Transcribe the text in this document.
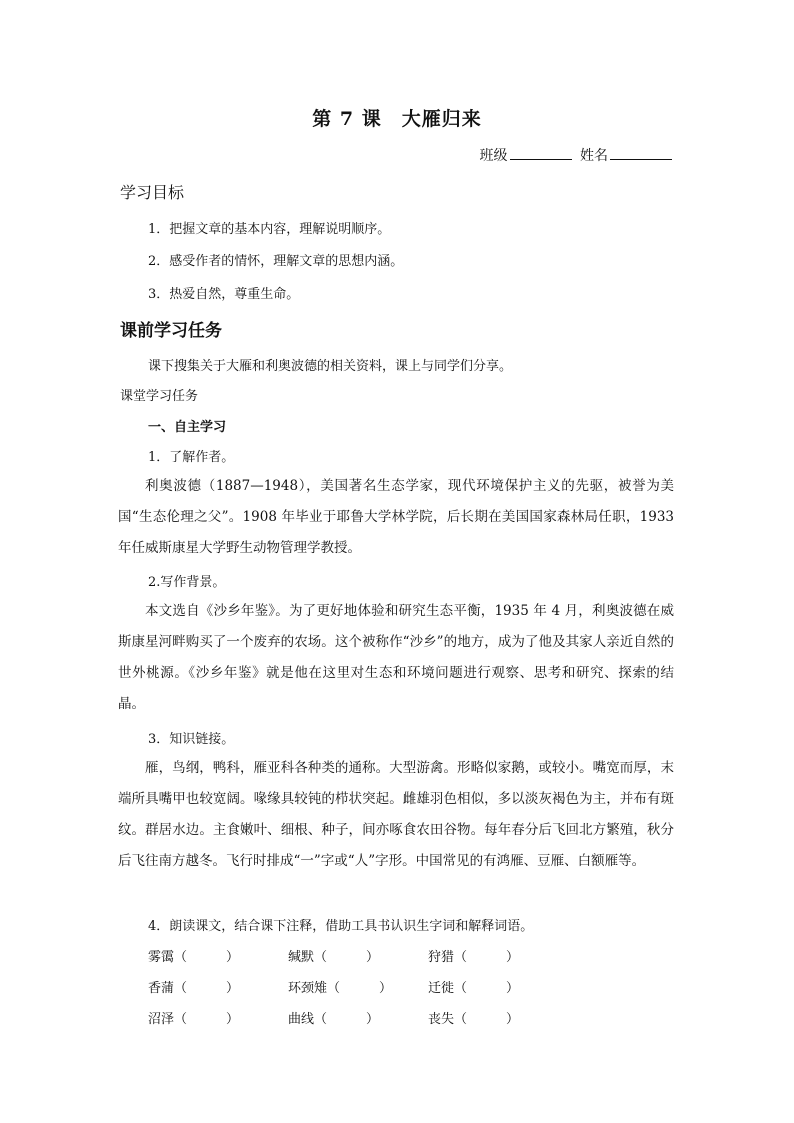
第 7 课　大雁归来
班级	姓名
学习目标

1．把握文章的基本内容，理解说明顺序。

2．感受作者的情怀，理解文章的思想内涵。

3．热爱自然，尊重生命。

课前学习任务

课下搜集关于大雁和利奥波德的相关资料，课上与同学们分享。

课堂学习任务

一、自主学习

1．了解作者。

利奥波德（1887—1948），美国著名生态学家，现代环境保护主义的先驱，被誉为美国“生态伦理之父”。1908 年毕业于耶鲁大学林学院，后长期在美国国家森林局任职，1933 年任威斯康星大学野生动物管理学教授。

2.写作背景。

本文选自《沙乡年鉴》。为了更好地体验和研究生态平衡，1935 年 4 月，利奥波德在威斯康星河畔购买了一个废弃的农场。这个被称作“沙乡”的地方，成为了他及其家人亲近自然的世外桃源。《沙乡年鉴》就是他在这里对生态和环境问题进行观察、思考和研究、探索的结晶。

3．知识链接。

雁，鸟纲，鸭科，雁亚科各种类的通称。大型游禽。形略似家鹅，或较小。嘴宽而厚，末端所具嘴甲也较宽阔。喙缘具较钝的栉状突起。雌雄羽色相似，多以淡灰褐色为主，并布有斑纹。群居水边。主食嫩叶、细根、种子，间亦啄食农田谷物。每年春分后飞回北方繁殖，秋分后飞往南方越冬。飞行时排成“一”字或“人”字形。中国常见的有鸿雁、豆雁、白额雁等。

4．朗读课文，结合课下注释，借助工具书认识生字词和解释词语。

雾霭（　　　）	缄默（　　　）	狩猎（　　　）
香蒲（　　　）	环颈雉（　　　）	迁徙（　　　）
沼泽（　　　）	曲线（　　　）	丧失（　　　）
